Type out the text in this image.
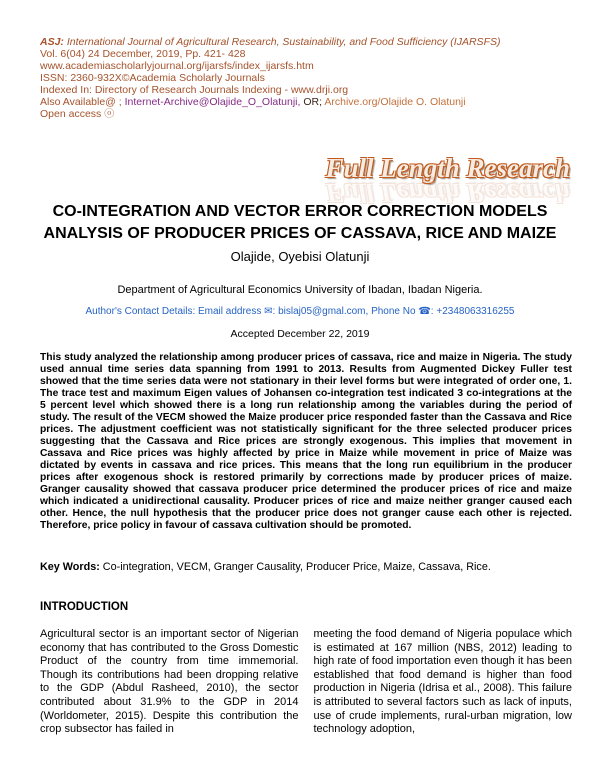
ASJ: International Journal of Agricultural Research, Sustainability, and Food Sufficiency (IJARSFS)
Vol. 6(04) 24 December, 2019, Pp. 421- 428
www.academiascholarlyjournal.org/ijarsfs/index_ijarsfs.htm
ISSN: 2360-932X©Academia Scholarly Journals
Indexed In: Directory of Research Journals Indexing - www.drji.org
Also Available@ ; Internet-Archive@Olajide_O_Olatunji, OR; Archive.org/Olajide O. Olatunji
Open access ⓞ
Full Length Research
Full Length Research
CO-INTEGRATION AND VECTOR ERROR CORRECTION MODELS
ANALYSIS OF PRODUCER PRICES OF CASSAVA, RICE AND MAIZE
Olajide, Oyebisi Olatunji
Department of Agricultural Economics University of Ibadan, Ibadan Nigeria.
Author's Contact Details: Email address ✉: bislaj05@gmal.com, Phone No ☎: +2348063316255
Accepted December 22, 2019
This study analyzed the relationship among producer prices of cassava, rice and maize in Nigeria. The study used annual time series data spanning from 1991 to 2013. Results from Augmented Dickey Fuller test showed that the time series data were not stationary in their level forms but were integrated of order one, 1. The trace test and maximum Eigen values of Johansen co-integration test indicated 3 co-integrations at the 5 percent level which showed there is a long run relationship among the variables during the period of study. The result of the VECM showed the Maize producer price responded faster than the Cassava and Rice prices. The adjustment coefficient was not statistically significant for the three selected producer prices suggesting that the Cassava and Rice prices are strongly exogenous. This implies that movement in Cassava and Rice prices was highly affected by price in Maize while movement in price of Maize was dictated by events in cassava and rice prices. This means that the long run equilibrium in the producer prices after exogenous shock is restored primarily by corrections made by producer prices of maize. Granger causality showed that cassava producer price determined the producer prices of rice and maize which indicated a unidirectional causality. Producer prices of rice and maize neither granger caused each other. Hence, the null hypothesis that the producer price does not granger cause each other is rejected. Therefore, price policy in favour of cassava cultivation should be promoted.
Key Words: Co-integration, VECM, Granger Causality, Producer Price, Maize, Cassava, Rice.
INTRODUCTION
Agricultural sector is an important sector of Nigerian economy that has contributed to the Gross Domestic Product of the country from time immemorial. Though its contributions had been dropping relative to the GDP (Abdul Rasheed, 2010), the sector contributed about 31.9% to the GDP in 2014 (Worldometer, 2015). Despite this contribution the crop subsector has failed in
meeting the food demand of Nigeria populace which is estimated at 167 million (NBS, 2012) leading to high rate of food importation even though it has been established that food demand is higher than food production in Nigeria (Idrisa et al., 2008). This failure is attributed to several factors such as lack of inputs, use of crude implements, rural-urban migration, low technology adoption,
